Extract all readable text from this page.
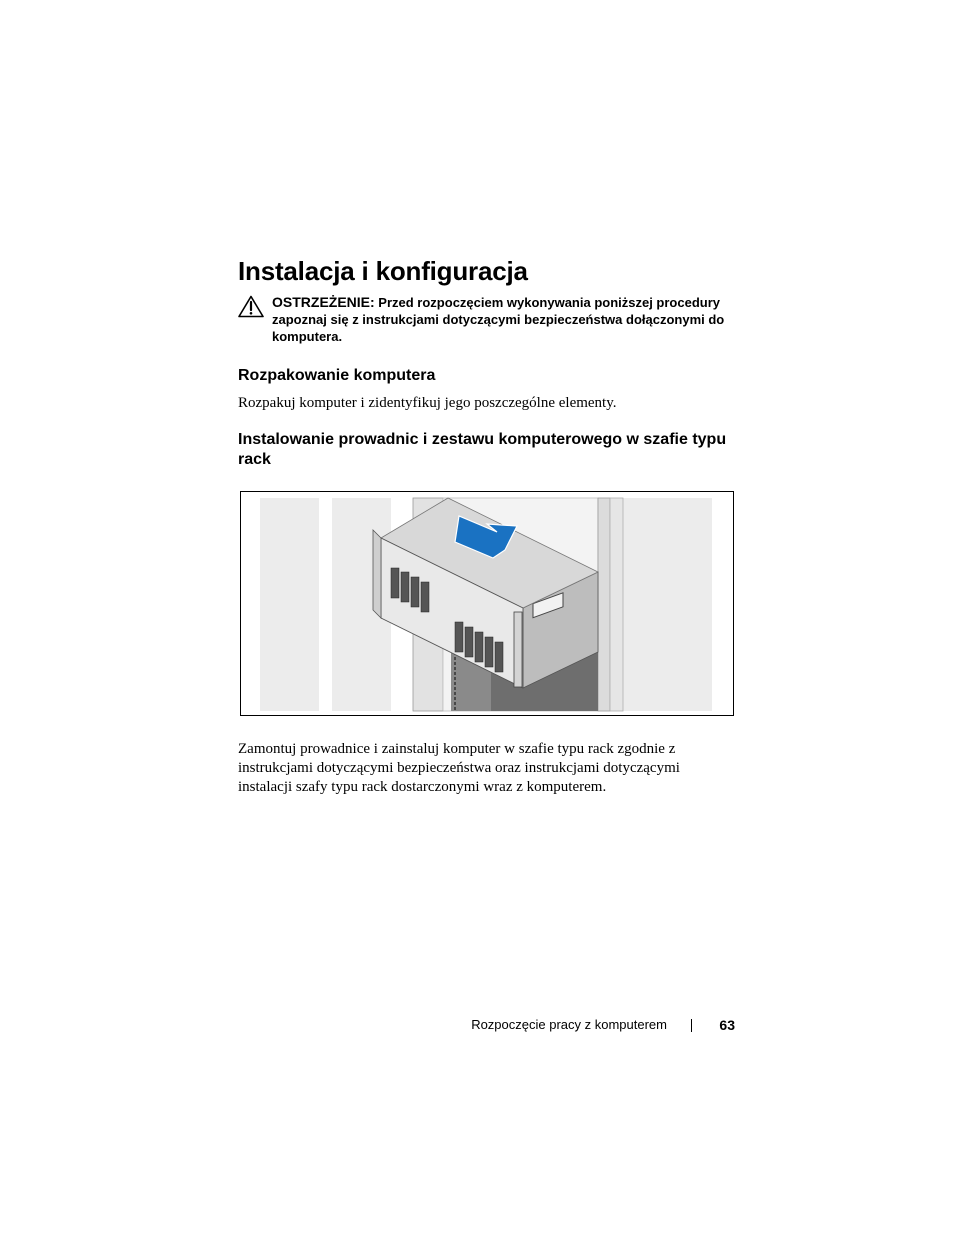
Instalacja i konfiguracja
OSTRZEŻENIE: Przed rozpoczęciem wykonywania poniższej procedury zapoznaj się z instrukcjami dotyczącymi bezpieczeństwa dołączonymi do komputera.
Rozpakowanie komputera

Rozpakuj komputer i zidentyfikuj jego poszczególne elementy.

Instalowanie prowadnic i zestawu komputerowego w szafie typu rack

Zamontuj prowadnice i zainstaluj komputer w szafie typu rack zgodnie z instrukcjami dotyczącymi bezpieczeństwa oraz instrukcjami dotyczącymi instalacji szafy typu rack dostarczonymi wraz z komputerem.

Rozpoczęcie pracy z komputerem	63
